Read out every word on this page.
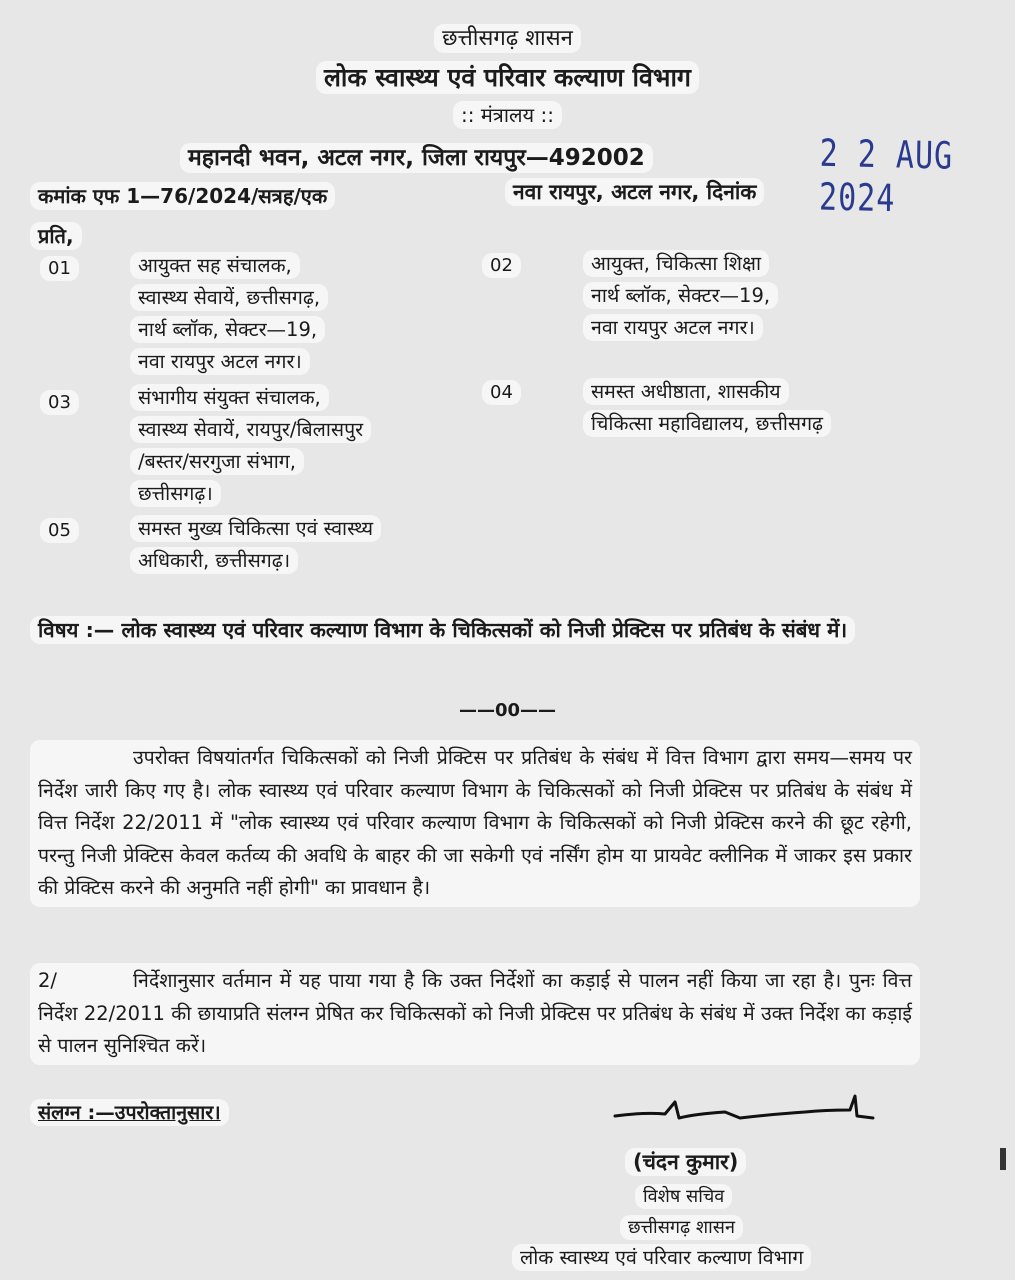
छत्तीसगढ़ शासन
लोक स्वास्थ्य एवं परिवार कल्याण विभाग
:: मंत्रालय ::
महानदी भवन, अटल नगर, जिला रायपुर—492002	2 2 AUG 2024
कमांक एफ 1—76/2024/सत्रह/एक	नवा रायपुर, अटल नगर, दिनांक
प्रति,
01	आयुक्त सह संचालक,
स्वास्थ्य सेवायें, छत्तीसगढ़,
नार्थ ब्लॉक, सेक्टर—19,
नवा रायपुर अटल नगर।
02	आयुक्त, चिकित्सा शिक्षा
नार्थ ब्लॉक, सेक्टर—19,
नवा रायपुर अटल नगर।
03	संभागीय संयुक्त संचालक,
स्वास्थ्य सेवायें, रायपुर/बिलासपुर
/बस्तर/सरगुजा संभाग,
छत्तीसगढ़।
04	समस्त अधीष्ठाता, शासकीय
चिकित्सा महाविद्यालय, छत्तीसगढ़
05	समस्त मुख्य चिकित्सा एवं स्वास्थ्य
अधिकारी, छत्तीसगढ़।
विषय :— लोक स्वास्थ्य एवं परिवार कल्याण विभाग के चिकित्सकों को निजी प्रेक्टिस पर प्रतिबंध के संबंध में।
——00——

उपरोक्त विषयांतर्गत चिकित्सकों को निजी प्रेक्टिस पर प्रतिबंध के संबंध में वित्त विभाग द्वारा समय—समय पर निर्देश जारी किए गए है। लोक स्वास्थ्य एवं परिवार कल्याण विभाग के चिकित्सकों को निजी प्रेक्टिस पर प्रतिबंध के संबंध में वित्त निर्देश 22/2011 में "लोक स्वास्थ्य एवं परिवार कल्याण विभाग के चिकित्सकों को निजी प्रेक्टिस करने की छूट रहेगी, परन्तु निजी प्रेक्टिस केवल कर्तव्य की अवधि के बाहर की जा सकेगी एवं नर्सिंग होम या प्रायवेट क्लीनिक में जाकर इस प्रकार की प्रेक्टिस करने की अनुमति नहीं होगी" का प्रावधान है।

2/	निर्देशानुसार वर्तमान में यह पाया गया है कि उक्त निर्देशों का कड़ाई से पालन नहीं किया जा रहा है। पुनः वित्त निर्देश 22/2011 की छायाप्रति संलग्न प्रेषित कर चिकित्सकों को निजी प्रेक्टिस पर प्रतिबंध के संबंध में उक्त निर्देश का कड़ाई से पालन सुनिश्चित करें।

संलग्न :—उपरोक्तानुसार।
(चंदन कुमार)
विशेष सचिव
छत्तीसगढ़ शासन
लोक स्वास्थ्य एवं परिवार कल्याण विभाग
